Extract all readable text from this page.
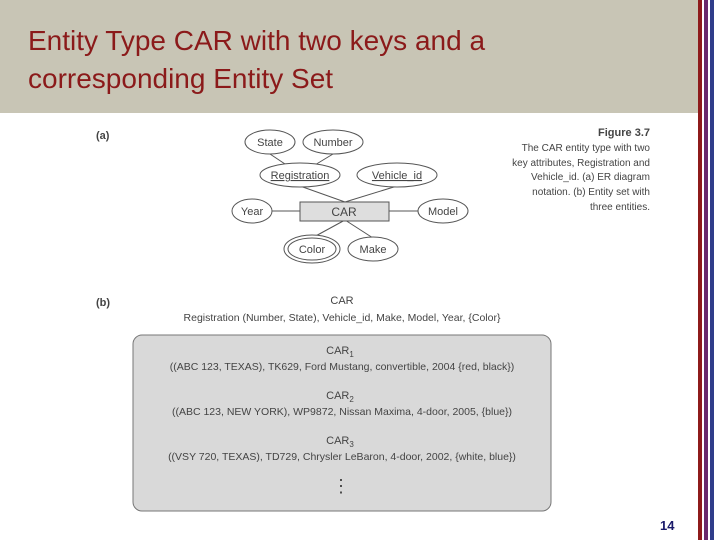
Entity Type CAR with two keys and a
corresponding Entity Set
(a)
State	Number
Registration	Vehicle_id
Year	Model
Color	Make
CAR
Figure 3.7
The CAR entity type with two
key attributes, Registration and
Vehicle_id. (a) ER diagram
notation. (b) Entity set with
three entities.
(b)	CAR
Registration (Number, State), Vehicle_id, Make, Model, Year, {Color}
$CAR_1$
((ABC 123, TEXAS), TK629, Ford Mustang, convertible, 2004 {red, black})
$CAR_2$
((ABC 123, NEW YORK), WP9872, Nissan Maxima, 4-door, 2005, {blue})
$CAR_3$
((VSY 720, TEXAS), TD729, Chrysler LeBaron, 4-door, 2002, {white, blue})
⋮
14
